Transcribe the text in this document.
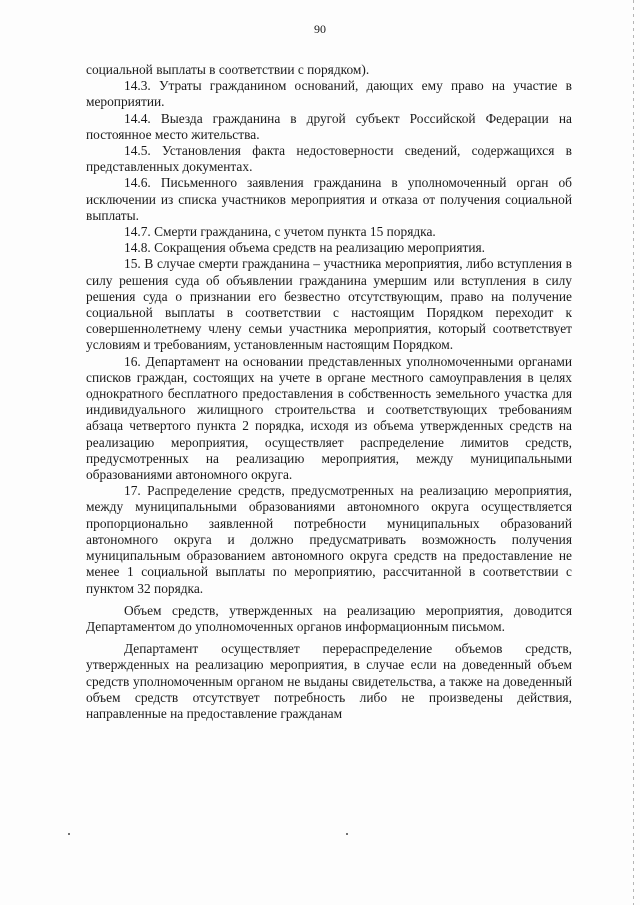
90

социальной выплаты в соответствии с порядком).

14.3. Утраты гражданином оснований, дающих ему право на участие в мероприятии.

14.4. Выезда гражданина в другой субъект Российской Федерации на постоянное место жительства.

14.5. Установления факта недостоверности сведений, содержащихся в представленных документах.

14.6. Письменного заявления гражданина в уполномоченный орган об исключении из списка участников мероприятия и отказа от получения социальной выплаты.

14.7. Смерти гражданина, с учетом пункта 15 порядка.

14.8. Сокращения объема средств на реализацию мероприятия.

15. В случае смерти гражданина – участника мероприятия, либо вступления в силу решения суда об объявлении гражданина умершим или вступления в силу решения суда о признании его безвестно отсутствующим, право на получение социальной выплаты в соответствии с настоящим Порядком переходит к совершеннолетнему члену семьи участника мероприятия, который соответствует условиям и требованиям, установленным настоящим Порядком.

16. Департамент на основании представленных уполномоченными органами списков граждан, состоящих на учете в органе местного самоуправления в целях однократного бесплатного предоставления в собственность земельного участка для индивидуального жилищного строительства и соответствующих требованиям абзаца четвертого пункта 2 порядка, исходя из объема утвержденных средств на реализацию мероприятия, осуществляет распределение лимитов средств, предусмотренных на реализацию мероприятия, между муниципальными образованиями автономного округа.

17. Распределение средств, предусмотренных на реализацию мероприятия, между муниципальными образованиями автономного округа осуществляется пропорционально заявленной потребности муниципальных образований автономного округа и должно предусматривать возможность получения муниципальным образованием автономного округа средств на предоставление не менее 1 социальной выплаты по мероприятию, рассчитанной в соответствии с пунктом 32 порядка.

Объем средств, утвержденных на реализацию мероприятия, доводится Департаментом до уполномоченных органов информационным письмом.

Департамент осуществляет перераспределение объемов средств, утвержденных на реализацию мероприятия, в случае если на доведенный объем средств уполномоченным органом не выданы свидетельства, а также на доведенный объем средств отсутствует потребность либо не произведены действия, направленные на предоставление гражданам
